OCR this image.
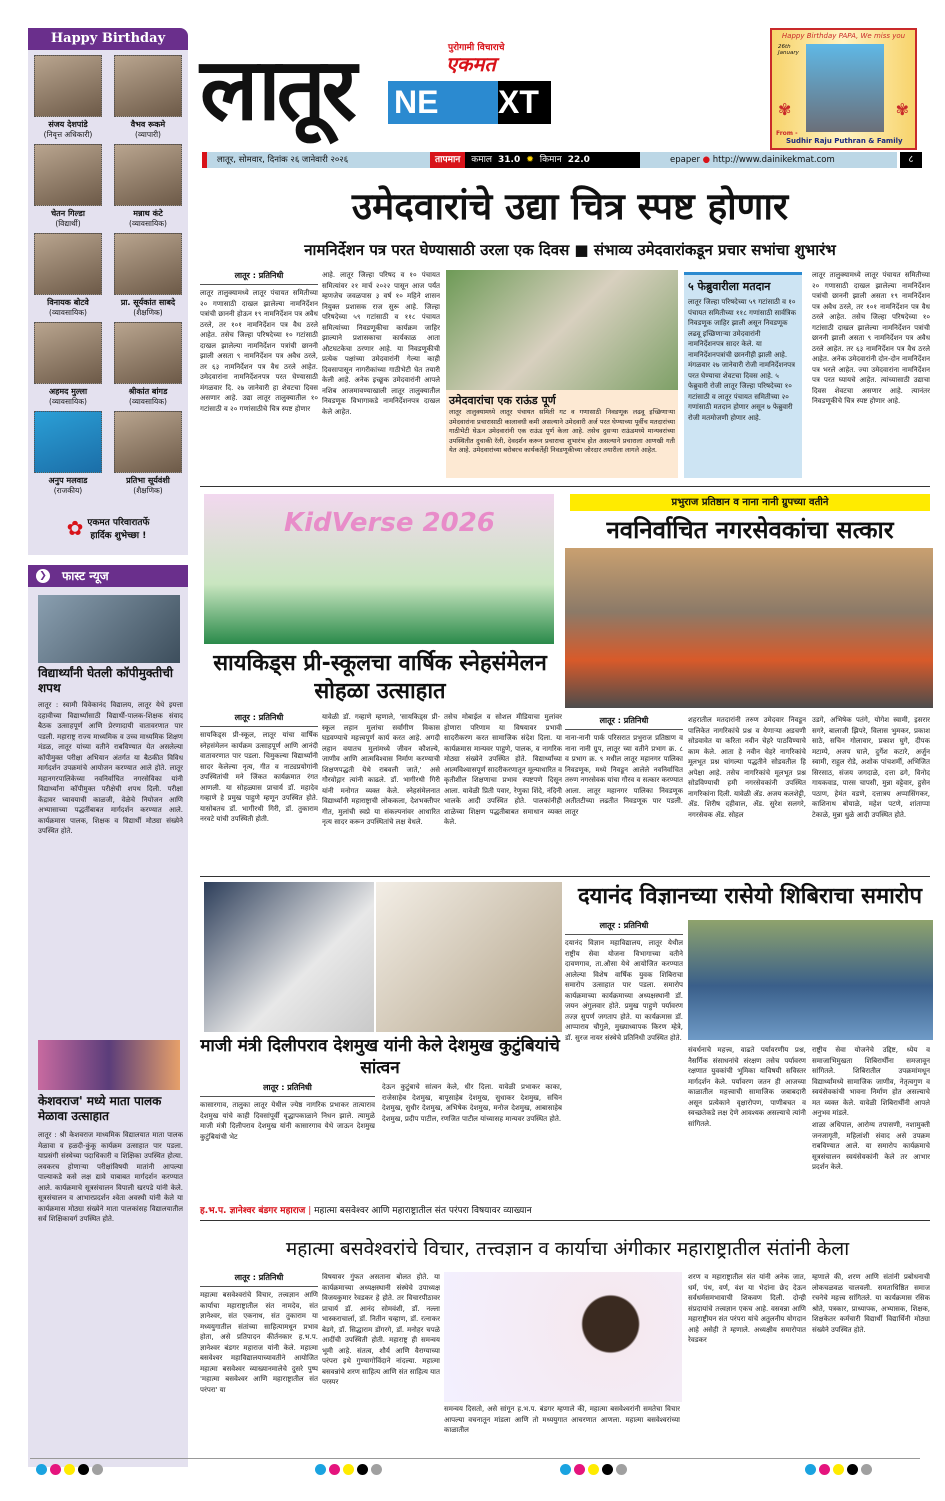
Happy Birthday
संजय देशपांडे
(निवृत्त अधिकारी)
वैभव रूकमे
(व्यापारी)
चेतन गिल्डा
(विद्यार्थी)
मन्नाथ कंटे
(व्यावसायिक)
विनायक बोटवे
(व्यावसायिक)
प्रा. सूर्यकांत साबदे
(शैक्षणिक)
अहमद मुल्ला
(व्यावसायिक)
श्रीकांत बांगड
(व्यावसायिक)
अनुप मलवाड
(राजकीय)
प्रतिभा सूर्यवंशी
(शैक्षणिक)
✿ एकमत परिवारातर्फे
हार्दिक शुभेच्छा !
फास्ट न्यूज
❯
विद्यार्थ्यांनी घेतली कॉपीमुक्तीची शपथ
लातूर : स्वामी विवेकानंद विद्यालय, लातूर येथे इयत्ता दहावीच्या विद्यार्थ्यांसाठी विद्यार्थी-पालक-शिक्षक संवाद बैठक उत्साहपूर्ण आणि प्रेरणादायी वातावरणात पार पडली. महाराष्ट्र राज्य माध्यमिक व उच्च माध्यमिक शिक्षण मंडळ, लातूर यांच्या वतीने राबविण्यात येत असलेल्या कॉपीमुक्त परीक्षा अभियान अंतर्गत या बैठकीत विविध मार्गदर्शन उपक्रमांचे आयोजन करण्यात आले होते. लातूर महानगरपालिकेच्या नवनिर्वाचित नगरसेविका यांनी विद्यार्थ्यांना कॉपीमुक्त परीक्षेची शपथ दिली. परीक्षा केंद्रावर घ्यावयाची काळजी, वेळेचे नियोजन आणि अभ्यासाच्या पद्धतींबाबत मार्गदर्शन करण्यात आले. कार्यक्रमास पालक, शिक्षक व विद्यार्थी मोठ्या संख्येने उपस्थित होते.
केशवराज' मध्ये माता पालक मेळावा उत्साहात
लातूर : श्री केशवराज माध्यमिक विद्यालयात माता पालक मेळावा व हळदी-कुंकू कार्यक्रम उत्साहात पार पडला. याप्रसंगी संस्थेच्या पदाधिकारी व शिक्षिका उपस्थित होत्या. लवकरच होणाऱ्या परीक्षांविषयी मातांनी आपल्या पाल्याकडे कसे लक्ष द्यावे याबाबत मार्गदर्शन करण्यात आले. कार्यक्रमाचे सूत्रसंचालन विपाली खरपडे यांनी केले. सूत्रसंचालन व आभारप्रदर्शन श्वेता अवस्थी यांनी केले या कार्यक्रमास मोठ्या संख्येने माता पालकांसह विद्यालयातील सर्व शिक्षिकावर्ग उपस्थित होते.
लातूर	पुरोगामी विचाराचे
एकमत
NE	XT
Happy Birthday PAPA, We miss you
26th January
✾	✾
From -
Sudhir Raju Puthran & Family
लातूर, सोमवार, दिनांक २६ जानेवारी २०२६	तापमान	कमाल 31.0 ✹ किमान 22.0	epaper ● http://www.dainikekmat.com	८
उमेदवारांचे उद्या चित्र स्पष्ट होणार
नामनिर्देशन पत्र परत घेण्यासाठी उरला एक दिवस ■ संभाव्य उमेदवारांकडून प्रचार सभांचा शुभारंभ
लातूर : प्रतिनिधी
लातूर तालुक्यामध्ये लातूर पंचायत समितीच्या २० गणासाठी दाखल झालेल्या नामनिर्देशन पत्रांची छाननी होऊन १९ नामनिर्देशन पत्र अवैध ठरले, तर १०१ नामनिर्देशन पत्र वैध ठरले आहेत. तसेच जिल्हा परिषदेच्या १० गटांसाठी दाखल झालेल्या नामनिर्देशन पत्रांची छाननी झाली असता ९ नामनिर्देशन पत्र अवैध ठरले, तर ६३ नामनिर्देशन पत्र वैध ठरले आहेत. उमेदवारांना नामनिर्देशनपत्र परत घेण्यासाठी मंगळवार दि. २७ जानेवारी हा शेवटचा दिवस असणार आहे. उद्या लातूर तालुक्यातील १० गटांसाठी व २० गणांसाठीचे चित्र स्पष्ट होणार
आहे. लातूर जिल्हा परिषद व १० पंचायत समित्यांवर २१ मार्च २०२२ पासून आज पर्यंत म्हणजेच जवळपास ३ वर्ष १० महिने शासन नियुक्त प्रशासक राज सुरू आहे. जिल्हा परिषदेच्या ५९ गटांसाठी व ११८ पंचायत समित्यांच्या निवडणूकीचा कार्यक्रम जाहिर झाल्याने प्रशासकाचा कार्यकाळ आता औटघटकेचा ठरणार आहे. या निवडणूकीची प्रत्येक पक्षांच्या उमेदवारांनी गेल्या काही दिवसापासून नागरीकांच्या गाठीभेटी घेत तयारी केली आहे. अनेक इच्छूक उमेदवारांनी आपले नशिब आजमावण्याखाली लातूर तालुक्यातील निवडणूक विभागाकडे नामनिर्देशनपत्र दाखल केले आहेत.
उमेदवारांचा एक राऊंड पूर्ण
लातूर तालुक्यामध्ये लातूर पंचायत समिती गट व गणासाठी निवडणूक लढवू इच्छिणाऱ्या उमेदवारांना प्रचारासाठी कालावधी कमी असल्याने उमेदवारी अर्ज परत घेण्याच्या पूर्वीच मतदारांच्या गाठीभेटी घेऊन उमेदवारांनी एक राऊंड पूर्ण केला आहे. तसेच दुसऱ्या राऊंडमध्ये मान्यवरांच्या उपस्थितीत दुचाकी रॅली, देवदर्शन करून प्रचाराचा शुभारंभ होत असल्याने प्रचाराला आणखी गती येत आहे. उमेदवारांच्या बरोबरच कार्यकर्तेही निवडणूकीच्या जोरदार तयारीला लागले आहेत.
५ फेब्रुवारीला मतदान
लातूर जिल्हा परिषदेच्या ५९ गटांसाठी व १० पंचायत समितीच्या ११८ गणांसाठी सार्वत्रिक निवडणूक जाहिर झाली असून निवडणूक लढवू इच्छिणाऱ्या उमेदवारांनी नामनिर्देशनपत्र सादर केले. या नामनिर्देशनपत्रांची छाननीही झाली आहे. मंगळवार २७ जानेवारी रोजी नामनिर्देशनपत्र परत घेण्याचा शेवटचा दिवस आहे. ५ फेब्रुवारी रोजी लातूर जिल्हा परिषदेच्या १० गटांसाठी व लातूर पंचायत समितीच्या २० गणांसाठी मतदान होणार असून ७ फेब्रुवारी रोजी मतमोजणी होणार आहे.
लातूर तालुक्यामध्ये लातूर पंचायत समितीच्या २० गणासाठी दाखल झालेल्या नामनिर्देशन पत्रांची छाननी झाली असता १९ नामनिर्देशन पत्र अवैध ठरले, तर १०१ नामनिर्देशन पत्र वैध ठरले आहेत. तसेच जिल्हा परिषदेच्या १० गटांसाठी दाखल झालेल्या नामनिर्देशन पत्रांची छाननी झाली असता ९ नामनिर्देशन पत्र अवैध ठरले आहेत. तर ६३ नामनिर्देशन पत्र वैध ठरले आहेत. अनेक उमेदवारांनी दोन-दोन नामनिर्देशन पत्र भरले आहेत. ज्या उमेदवारांना नामनिर्देशन पत्र परत घ्यायचे आहेत. त्यांच्यासाठी उद्याचा दिवस शेवटचा असणार आहे. त्यानंतर निवडणूकीचे चित्र स्पष्ट होणार आहे.
KidVerse 2026
सायकिड्स प्री-स्कूलचा वार्षिक स्नेहसंमेलन सोहळा उत्साहात
लातूर : प्रतिनिधी
सायकिड्स प्री-स्कूल, लातूर यांचा वार्षिक स्नेहसंमेलन कार्यक्रम उत्साहपूर्ण आणि आनंदी वातावरणात पार पडला. चिमुकल्या विद्यार्थ्यांनी सादर केलेल्या नृत्य, गीत व नाट्यप्रयोगांनी उपस्थितांची मने जिंकत कार्यक्रमात रंगत आणली. या सोहळ्यास प्राचार्य डॉ. महादेव गव्हाणे हे प्रमुख पाहुणे म्हणून उपस्थित होते. यासोबतच डॉ. भागीरथी गिरी, डॉ. तुकाराम नरवटे यांची उपस्थिती होती.
यावेळी डॉ. गव्हाणे म्हणाले, 'सायकिड्स प्री-स्कूल लहान मुलांचा सर्वांगीण विकास घडवण्याचे महत्त्वपूर्ण कार्य करत आहे. अगदी लहान वयातच मुलांमध्ये जीवन कौशल्ये, जाणीव आणि आत्मविश्वास निर्माण करण्याची शिक्षणपद्धती येथे राबवली जाते,' असे गौरवोद्गार त्यांनी काढले. डॉ. भागीरथी गिरी यांनी मनोगत व्यक्त केले. स्नेहसंमेलनात विद्यार्थ्यांनी महाराष्ट्राची लोककला, देशभक्तीपर गीत, मुलांची स्वप्ने या संकल्पनांवर आधारित नृत्य सादर करून उपस्थितांचे लक्ष वेधले.
तसेच मोबाईल व सोशल मीडियाचा मुलांवर होणारा परिणाम या विषयावर प्रभावी सादरीकरण करत सामाजिक संदेश दिला. या कार्यक्रमास मान्यवर पाहुणे, पालक, व नागरिक मोठ्या संख्येने उपस्थित होते. विद्यार्थ्यांच्या आत्मविश्वासपूर्ण सादरीकरणातून मूल्याधारित व कृतीशील शिक्षणाचा प्रभाव स्पष्टपणे दिसून आला. यावेळी प्रिती पवार, रेणुका शिंदे, नंदिनी भालके आदी उपस्थित होते. पालकांनीही शाळेच्या शिक्षण पद्धतीबाबत समाधान व्यक्त केले.
प्रभुराज प्रतिष्ठान व नाना नानी ग्रुपच्या वतीने
नवनिर्वाचित नगरसेवकांचा सत्कार
लातूर : प्रतिनिधी
नाना-नानी पार्क परिसरात प्रभुराज प्रतिष्ठाण व नाना नानी ग्रुप, लातूर च्या वतीने प्रभाग क्र. ८ व प्रभाग क्र. ९ मधील लातूर महानगर पालिका निवडणूक, मध्ये निवडून आलेले नवनिर्वाचित तरुण नगरसेवक यांचा गौरव व सत्कार करण्यात आला. लातूर महानगर पालिका निवडणूक अतीतटीच्या लढतीत निवडणूक पार पडली. लातूर
शहरातील मतदारांनी तरुण उमेदवार निवडून पालिकेत नागरिकांचे प्रश्न व येणाऱ्या अडचणी सोडवावेत या करिता नवीन चेहरे पाठविण्याचे काम केले. आता हे नवीन चेहरे नागरिकांचे मूलभूत प्रश्न चांगल्या पद्धतीने सोडवतील हि अपेक्षा आहे. तसेच नागरिकांचे मूलभूत प्रश्न सोडविण्याची हमी नगरसेवकांनी उपस्थित नागरिकांना दिली. यावेळी ॲड. अजय कलशेट्टी, ॲड. शिरीष दहीवाल, ॲड. सुरेश सलगरे, नगरसेवक ॲड. सोहल
उडगे, अभिषेक पतंगे, योगेश स्वामी, इसरार सगरे, बालाजी झिपरे, विलास भुमकर, प्रकाश साठे, सचिन गोलावार, प्रकाश घुगे, दीपक मटाम्पे, अजय घाले, दुर्गेश कटारे, अर्जुन स्वामी, राहुल रोडे, अशोक पांचशर्मी, अभिजित सिरसाठ, संजय जगदाळे, दत्ता ढगे, विनोद गायकवाड, पारस चापसी, मुन्ना वट्टेवार, हुसेन पठाण, हेमंत वडणे, दत्तात्रय अप्पासिंगकर, काशिनाथ बोयाळे, महेश पटणे, शांताप्पा टेकाळे, मुन्ना धुळे आदी उपस्थित होते.
माजी मंत्री दिलीपराव देशमुख यांनी केले देशमुख कुटुंबियांचे सांत्वन
लातूर : प्रतिनिधी
कासारगाव, तालुका लातूर येथील ज्येष्ठ नागरिक प्रभाकर तात्याराव देशमुख यांचे काही दिवसांपूर्वी वृद्धापकाळाने निधन झाले. त्यामुळे माजी मंत्री दिलीपराव देशमुख यांनी कासारगाव येथे जाऊन देशमुख कुटुंबियांची भेट
देऊन कुटुंबाचे सांत्वन केले, धीर दिला. यावेळी प्रभाकर काका, राजेसाहेब देशमुख, बापूसाहेब देशमुख, सुधाकर देशमुख, सचिन देशमुख, सुधीर देशमुख, अभिषेक देशमुख, मनोज देशमुख, आबासाहेब देशमुख, प्रदीप पाटील, रणजित पाटील यांच्यासह मान्यवर उपस्थित होते.
दयानंद विज्ञानच्या रासेयो शिबिराचा समारोप
लातूर : प्रतिनिधी
दयानंद विज्ञान महाविद्यालय, लातूर येथील राष्ट्रीय सेवा योजना विभागाच्या वतीने दावणगाव, ता.औसा येथे आयोजित करण्यात आलेल्या विशेष वार्षिक युवक शिबिराचा समारोप उत्साहात पार पडला. समारोप कार्यक्रमाच्या कार्यक्रमाच्या अध्यक्षस्थानी डॉ. जयन अंगुलवार होते. प्रमुख पाहुणे पर्यावरण तज्ज्ञ सुपर्ण जगताप होते. या कार्यक्रमास डॉ. आप्पाराव चौगुले, मुख्याध्यापक किरण म्हेत्रे, डॉ. सुरज नायर संस्थेचे प्रतिनिधी उपस्थित होते.
संवर्धनाचे महत्त्व, वाढते पर्यावरणीय प्रश्न, नैसर्गिक संसाधनांचे संरक्षण तसेच पर्यावरण रक्षणात युवकांची भूमिका याविषयी सविस्तर मार्गदर्शन केले. पर्यावरण जतन ही आजच्या काळातील महत्त्वाची सामाजिक जबाबदारी असून प्रत्येकाने वृक्षारोपण, पाणीबचत व स्वच्छतेकडे लक्ष देणे आवश्यक असल्याचे त्यांनी सांगितले.
राष्ट्रीय सेवा योजनेचे उद्दिष्ट, ध्येय व समाजाभिमुखता शिबिरार्थींना समजावून सांगितले. शिबिरातील उपक्रमांमधून विद्यार्थ्यांमध्ये सामाजिक जाणीव, नेतृत्वगुण व स्वयंसेवकांची भावना निर्माण होत असल्याचे मत व्यक्त केले. यावेळी शिबिरार्थींनी आपले अनुभव मांडले.
शाळा अधिपाल, आरोग्य तपासणी, नशामुक्ती जनजागृती, महिलांशी संवाद असे उपक्रम राबविण्यात आले. या समारोप कार्यक्रमाचे सूत्रसंचालन स्वयंसेवकांनी केले तर आभार प्रदर्शन केले.
ह.भ.प. ज्ञानेश्वर बंडगर महाराज | महात्मा बसवेश्वर आणि महाराष्ट्रातील संत परंपरा विषयावर व्याख्यान
महात्मा बसवेश्वरांचे विचार, तत्त्वज्ञान व कार्याचा अंगीकार महाराष्ट्रातील संतांनी केला
लातूर : प्रतिनिधी
महात्मा बसवेश्वरांचे विचार, तत्त्वज्ञान आणि कार्याचा महाराष्ट्रातील संत नामदेव, संत ज्ञानेश्वर, संत एकनाथ, संत तुकाराम या मध्ययुगातील संतांच्या साहित्यामधून प्रभाव होता, असे प्रतिपादन कीर्तनकार ह.भ.प. ज्ञानेश्वर बंडगर महाराज यांनी केले. महात्मा बसवेश्वर महाविद्यालयाच्यावतीने आयोजित महात्मा बसवेश्वर व्याख्यानमालेचे दुसरे पुष्प 'महात्मा बसवेश्वर आणि महाराष्ट्रातील संत परंपरा' या
विषयावर गुंफत असताना बोलत होते. या कार्यक्रमाच्या अध्यक्षस्थानी संस्थेचे उपाध्यक्ष विजयकुमार रेवडकर हे होते. तर विचारपीठावर प्राचार्य डॉ. आनंद सोमवंशी, डॉ. नल्ला भास्कराचार्ला, डॉ. नितीन चव्हाण, डॉ. रत्नाकर बेडगे, डॉ. सिद्धाराम डोंगरगे, डॉ. मनोहर चपळे आदींची उपस्थिती होती. महाराष्ट्र ही समन्वय भूमी आहे. संतत्व, शौर्य आणि वैराग्याच्या परंपरा इथे गुण्यागोविंदाने नांदल्या. महात्मा बसवन्नांचे शरण साहित्य आणि संत साहित्य यात परस्पर
समन्वय दिसतो, असे सांगून ह.भ.प. बंडगर म्हणाले की, महात्मा बसवेश्वरांनी समतेचा विचार आपल्या वचनातून मांडला आणि तो मध्ययुगात आचरणात आणला. महात्मा बसवेश्वरांच्या काळातील
शरण व महाराष्ट्रातील संत यांनी अनेक जात, धर्म, पंथ, वर्ण, वंश या भेदांना छेद देऊन सर्वधर्मसमभावाची शिकवण दिली. दोन्ही संप्रदायांचे तत्त्वज्ञान एकच आहे. वसवन्ना आणि महाराष्ट्रीयन संत परंपरा यांचे अतुलनीय योगदान आहे असेही ते म्हणाले. अध्यक्षीय समारोपात रेवडकर
म्हणाले की, शरण आणि संतांनी प्रबोधनाची लोकचळवळ चालवली. समताधिष्ठित समाज रचनेचे महत्त्व सांगितले. या कार्यक्रमास रसिक श्रोते, पत्रकार, प्राध्यापक, अभ्यासक, शिक्षक, शिक्षकेतर कर्मचारी विद्यार्थी विद्यार्थिनी मोठ्या संख्येने उपस्थित होते.
